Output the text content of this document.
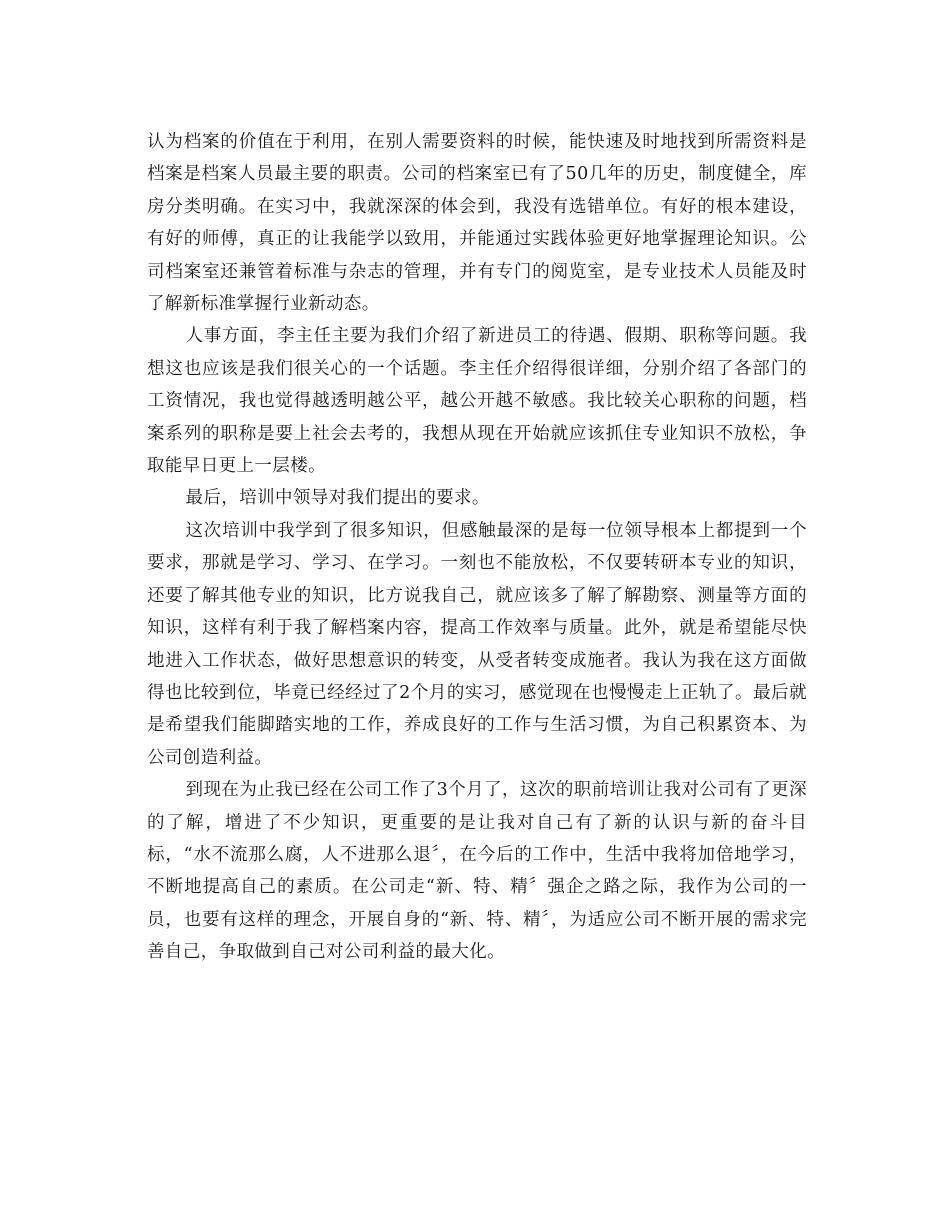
认为档案的价值在于利用，在别人需要资料的时候，能快速及时地找到所需资料是档案是档案人员最主要的职责。公司的档案室已有了50几年的历史，制度健全，库房分类明确。在实习中，我就深深的体会到，我没有选错单位。有好的根本建设，有好的师傅，真正的让我能学以致用，并能通过实践体验更好地掌握理论知识。公司档案室还兼管着标准与杂志的管理，并有专门的阅览室，是专业技术人员能及时了解新标准掌握行业新动态。

人事方面，李主任主要为我们介绍了新进员工的待遇、假期、职称等问题。我想这也应该是我们很关心的一个话题。李主任介绍得很详细，分别介绍了各部门的工资情况，我也觉得越透明越公平，越公开越不敏感。我比较关心职称的问题，档案系列的职称是要上社会去考的，我想从现在开始就应该抓住专业知识不放松，争取能早日更上一层楼。

最后，培训中领导对我们提出的要求。

这次培训中我学到了很多知识，但感触最深的是每一位领导根本上都提到一个要求，那就是学习、学习、在学习。一刻也不能放松，不仅要转研本专业的知识，还要了解其他专业的知识，比方说我自己，就应该多了解了解勘察、测量等方面的知识，这样有利于我了解档案内容，提高工作效率与质量。此外，就是希望能尽快地进入工作状态，做好思想意识的转变，从受者转变成施者。我认为我在这方面做得也比较到位，毕竟已经经过了2个月的实习，感觉现在也慢慢走上正轨了。最后就是希望我们能脚踏实地的工作，养成良好的工作与生活习惯，为自己积累资本、为公司创造利益。

到现在为止我已经在公司工作了3个月了，这次的职前培训让我对公司有了更深的了解，增进了不少知识，更重要的是让我对自己有了新的认识与新的奋斗目标，“水不流那么腐，人不进那么退〞，在今后的工作中，生活中我将加倍地学习，不断地提高自己的素质。在公司走“新、特、精〞强企之路之际，我作为公司的一员，也要有这样的理念，开展自身的“新、特、精〞，为适应公司不断开展的需求完善自己，争取做到自己对公司利益的最大化。
